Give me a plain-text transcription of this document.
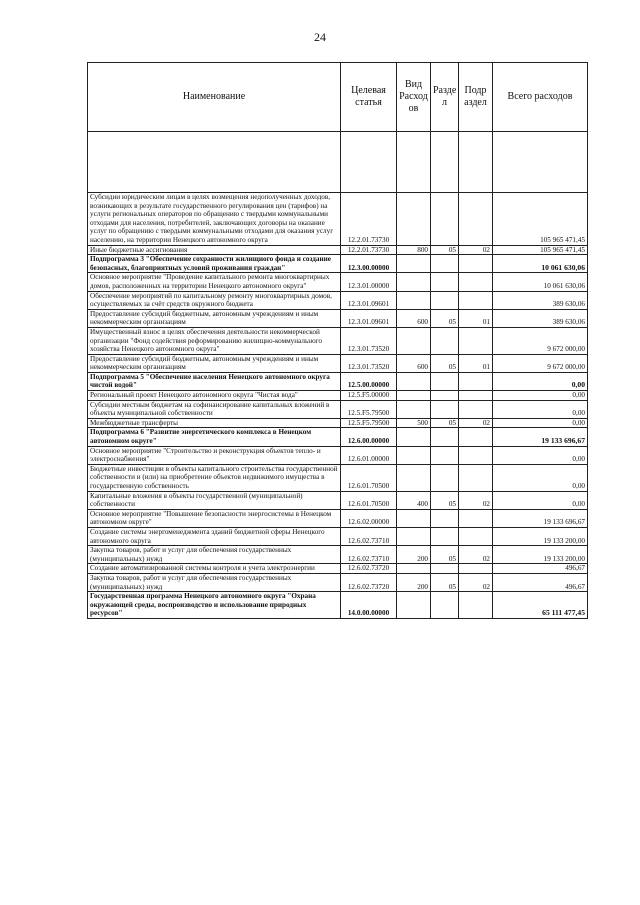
24
Наименование	Целевая статья	Вид Расход ов	Разде л	Подр аздел	Всего расходов

Субсидии юридическим лицам в целях возмещения недополученных доходов, возникающих в результате государственного регулирования цен (тарифов) на услуги региональных операторов по обращению с твердыми коммунальными отходами для населения, потребителей, заключающих договоры на оказание услуг по обращению с твердыми коммунальными отходами для оказания услуг населению, на территории Ненецкого автономного округа	12.2.01.73730				105 965 471,45
Иные бюджетные ассигнования	12.2.01.73730	800	05	02	105 965 471,45
Подпрограмма 3 "Обеспечение сохранности жилищного фонда и создание безопасных, благоприятных условий проживания граждан"	12.3.00.00000				10 061 630,06
Основное мероприятие "Проведение капитального ремонта многоквартирных домов, расположенных на территории Ненецкого автономного округа"	12.3.01.00000				10 061 630,06
Обеспечение мероприятий по капитальному ремонту многоквартирных домов, осуществляемых за счёт средств окружного бюджета	12.3.01.09601				389 630,06
Предоставление субсидий бюджетным, автономным учреждениям и иным некоммерческим организациям	12.3.01.09601	600	05	01	389 630,06
Имущественный взнос в целях обеспечения деятельности некоммерческой организации "Фонд содействия реформированию жилищно-коммунального хозяйства Ненецкого автономного округа"	12.3.01.73520				9 672 000,00
Предоставление субсидий бюджетным, автономным учреждениям и иным некоммерческим организациям	12.3.01.73520	600	05	01	9 672 000,00
Подпрограмма 5 "Обеспечение населения Ненецкого автономного округа чистой водой"	12.5.00.00000				0,00
Региональный проект Ненецкого автономного округа "Чистая вода"	12.5.F5.00000				0,00
Субсидии местным бюджетам на софинансирование капитальных вложений в объекты муниципальной собственности	12.5.F5.79500				0,00
Межбюджетные трансферты	12.5.F5.79500	500	05	02	0,00
Подпрограмма 6 "Развитие энергетического комплекса в Ненецком автономном округе"	12.6.00.00000				19 133 696,67
Основное мероприятие "Строительство и реконструкция объектов тепло- и электроснабжения"	12.6.01.00000				0,00
Бюджетные инвестиции в объекты капитального строительства государственной собственности и (или) на приобретение объектов недвижимого имущества в государственную собственность	12.6.01.70500				0,00
Капитальные вложения в объекты государственной (муниципальной) собственности	12.6.01.70500	400	05	02	0,00
Основное мероприятие "Повышение безопасности энергосистемы в Ненецком автономном округе"	12.6.02.00000				19 133 696,67
Создание системы энергоменеджмента зданий бюджетной сферы Ненецкого автономного округа	12.6.02.73710				19 133 200,00
Закупка товаров, работ и услуг для обеспечения государственных (муниципальных) нужд	12.6.02.73710	200	05	02	19 133 200,00
Создание автоматизированной системы контроля и учета электроэнергии	12.6.02.73720				496,67
Закупка товаров, работ и услуг для обеспечения государственных (муниципальных) нужд	12.6.02.73720	200	05	02	496,67
Государственная программа Ненецкого автономного округа "Охрана окружающей среды, воспроизводство и использование природных ресурсов"	14.0.00.00000				65 111 477,45
